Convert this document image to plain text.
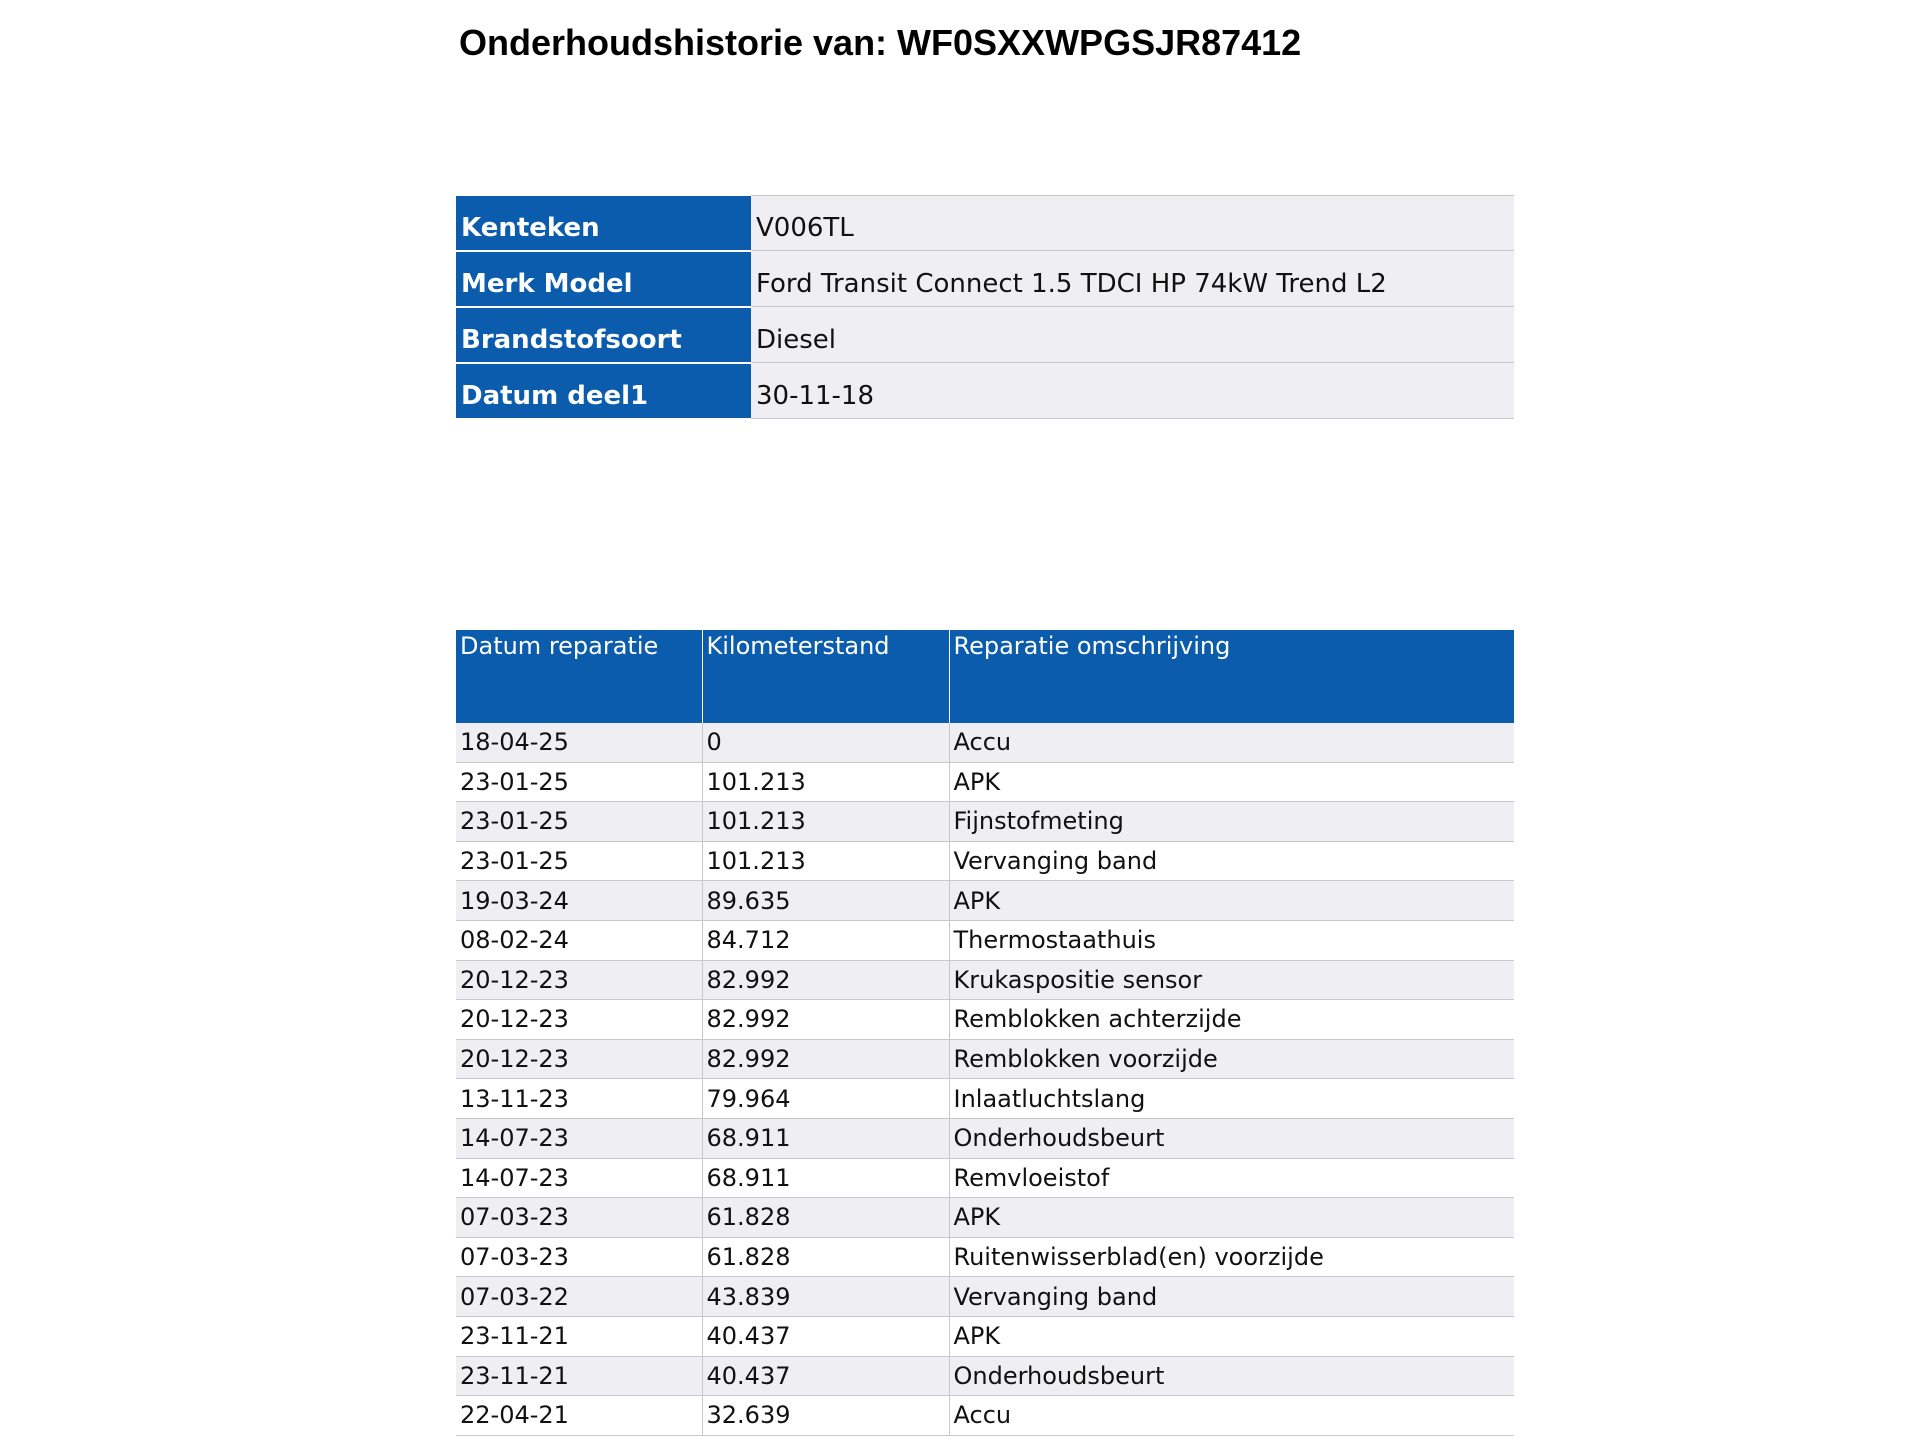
Onderhoudshistorie van: WF0SXXWPGSJR87412
Kenteken	V006TL
Merk Model	Ford Transit Connect 1.5 TDCI HP 74kW Trend L2
Brandstofsoort	Diesel
Datum deel1	30-11-18
Datum reparatie	Kilometerstand	Reparatie omschrijving
18-04-25	0	Accu
23-01-25	101.213	APK
23-01-25	101.213	Fijnstofmeting
23-01-25	101.213	Vervanging band
19-03-24	89.635	APK
08-02-24	84.712	Thermostaathuis
20-12-23	82.992	Krukaspositie sensor
20-12-23	82.992	Remblokken achterzijde
20-12-23	82.992	Remblokken voorzijde
13-11-23	79.964	Inlaatluchtslang
14-07-23	68.911	Onderhoudsbeurt
14-07-23	68.911	Remvloeistof
07-03-23	61.828	APK
07-03-23	61.828	Ruitenwisserblad(en) voorzijde
07-03-22	43.839	Vervanging band
23-11-21	40.437	APK
23-11-21	40.437	Onderhoudsbeurt
22-04-21	32.639	Accu
